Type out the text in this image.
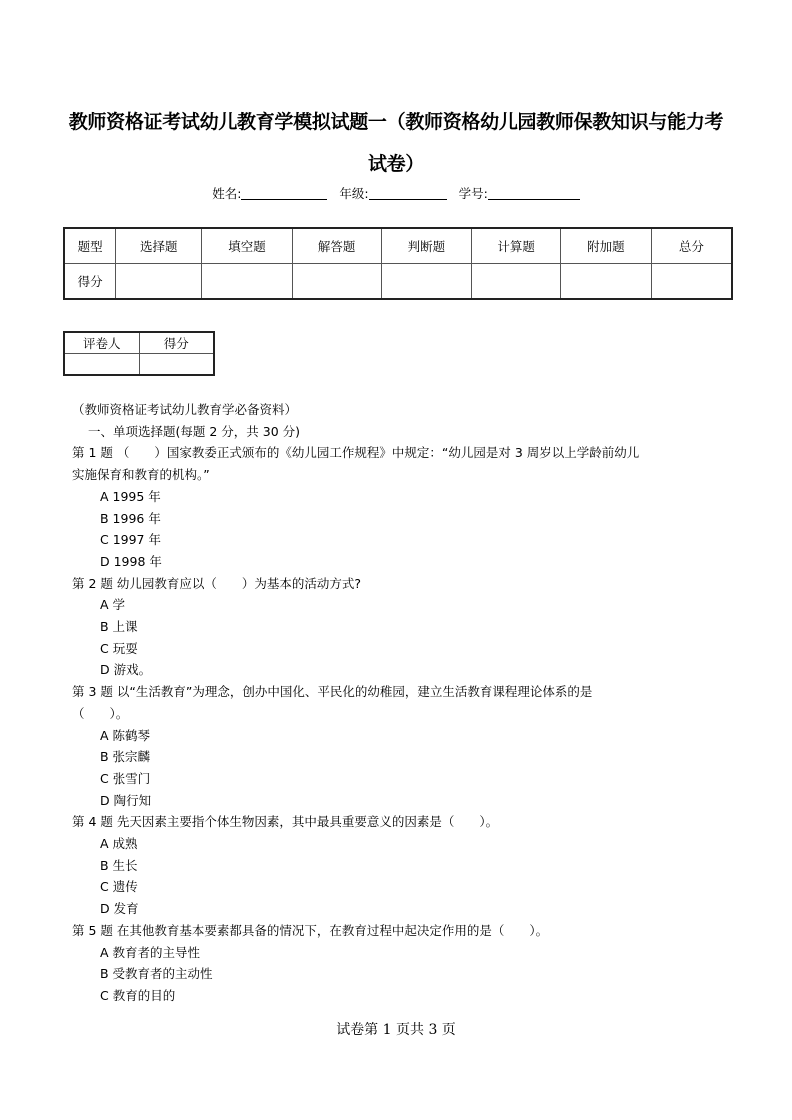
教师资格证考试幼儿教育学模拟试题一（教师资格幼儿园教师保教知识与能力考
试卷）
姓名:	年级:	学号:
题型	选择题	填空题	解答题	判断题	计算题	附加题	总分
得分							
评卷人	得分

（教师资格证考试幼儿教育学必备资料）
一、单项选择题(每题 2 分，共 30 分)
第 1 题 （　　）国家教委正式颁布的《幼儿园工作规程》中规定：“幼儿园是对 3 周岁以上学龄前幼儿
实施保育和教育的机构。”
A 1995 年
B 1996 年
C 1997 年
D 1998 年
第 2 题 幼儿园教育应以（　　）为基本的活动方式?
A 学
B 上课
C 玩耍
D 游戏。
第 3 题 以“生活教育”为理念，创办中国化、平民化的幼稚园，建立生活教育课程理论体系的是
（　　）。
A 陈鹤琴
B 张宗麟
C 张雪门
D 陶行知
第 4 题 先天因素主要指个体生物因素，其中最具重要意义的因素是（　　）。
A 成熟
B 生长
C 遗传
D 发育
第 5 题 在其他教育基本要素都具备的情况下，在教育过程中起决定作用的是（　　）。
A 教育者的主导性
B 受教育者的主动性
C 教育的目的
试卷第 1 页共 3 页
